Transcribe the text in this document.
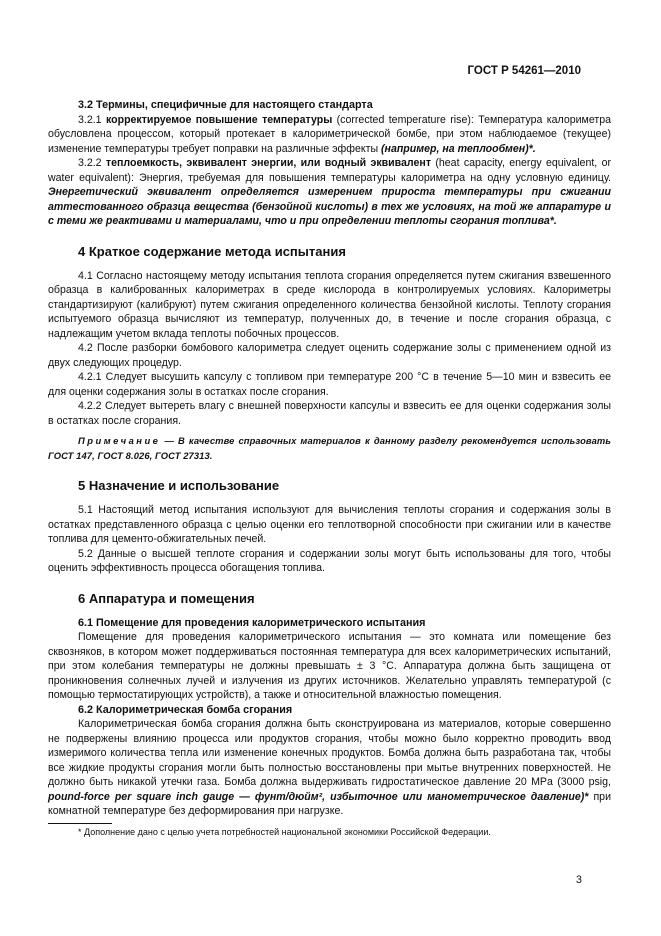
ГОСТ Р 54261—2010
3.2 Термины, специфичные для настоящего стандарта

3.2.1 корректируемое повышение температуры (corrected temperature rise): Температура калориметра обусловлена процессом, который протекает в калориметрической бомбе, при этом наблюдаемое (текущее) изменение температуры требует поправки на различные эффекты (например, на теплообмен)*.

3.2.2 теплоемкость, эквивалент энергии, или водный эквивалент (heat capacity, energy equivalent, or water equivalent): Энергия, требуемая для повышения температуры калориметра на одну условную единицу. Энергетический эквивалент определяется измерением прироста температуры при сжигании аттестованного образца вещества (бензойной кислоты) в тех же условиях, на той же аппаратуре и с теми же реактивами и материалами, что и при определении теплоты сгорания топлива*.

4 Краткое содержание метода испытания

4.1 Согласно настоящему методу испытания теплота сгорания определяется путем сжигания взвешенного образца в калиброванных калориметрах в среде кислорода в контролируемых условиях. Калориметры стандартизируют (калибруют) путем сжигания определенного количества бензойной кислоты. Теплоту сгорания испытуемого образца вычисляют из температур, полученных до, в течение и после сгорания образца, с надлежащим учетом вклада теплоты побочных процессов.

4.2 После разборки бомбового калориметра следует оценить содержание золы с применением одной из двух следующих процедур.

4.2.1 Следует высушить капсулу с топливом при температуре 200 °С в течение 5—10 мин и взвесить ее для оценки содержания золы в остатках после сгорания.

4.2.2 Следует вытереть влагу с внешней поверхности капсулы и взвесить ее для оценки содержания золы в остатках после сгорания.

Примечание — В качестве справочных материалов к данному разделу рекомендуется использовать ГОСТ 147, ГОСТ 8.026, ГОСТ 27313.

5 Назначение и использование

5.1 Настоящий метод испытания используют для вычисления теплоты сгорания и содержания золы в остатках представленного образца с целью оценки его теплотворной способности при сжигании или в качестве топлива для цементо-обжигательных печей.

5.2 Данные о высшей теплоте сгорания и содержании золы могут быть использованы для того, чтобы оценить эффективность процесса обогащения топлива.

6 Аппаратура и помещения
6.1 Помещение для проведения калориметрического испытания

Помещение для проведения калориметрического испытания — это комната или помещение без сквозняков, в котором может поддерживаться постоянная температура для всех калориметрических испытаний, при этом колебания температуры не должны превышать ± 3 °С. Аппаратура должна быть защищена от проникновения солнечных лучей и излучения из других источников. Желательно управлять температурой (с помощью термостатирующих устройств), а также и относительной влажностью помещения.

6.2 Калориметрическая бомба сгорания

Калориметрическая бомба сгорания должна быть сконструирована из материалов, которые совершенно не подвержены влиянию процесса или продуктов сгорания, чтобы можно было корректно проводить ввод измеримого количества тепла или изменение конечных продуктов. Бомба должна быть разработана так, чтобы все жидкие продукты сгорания могли быть полностью восстановлены при мытье внутренних поверхностей. Не должно быть никакой утечки газа. Бомба должна выдерживать гидростатическое давление 20 MPa (3000 psig, pound-force per square inch gauge — фунт/дюйм², избыточное или манометрическое давление)* при комнатной температуре без деформирования при нагрузке.

* Дополнение дано с целью учета потребностей национальной экономики Российской Федерации.
3
